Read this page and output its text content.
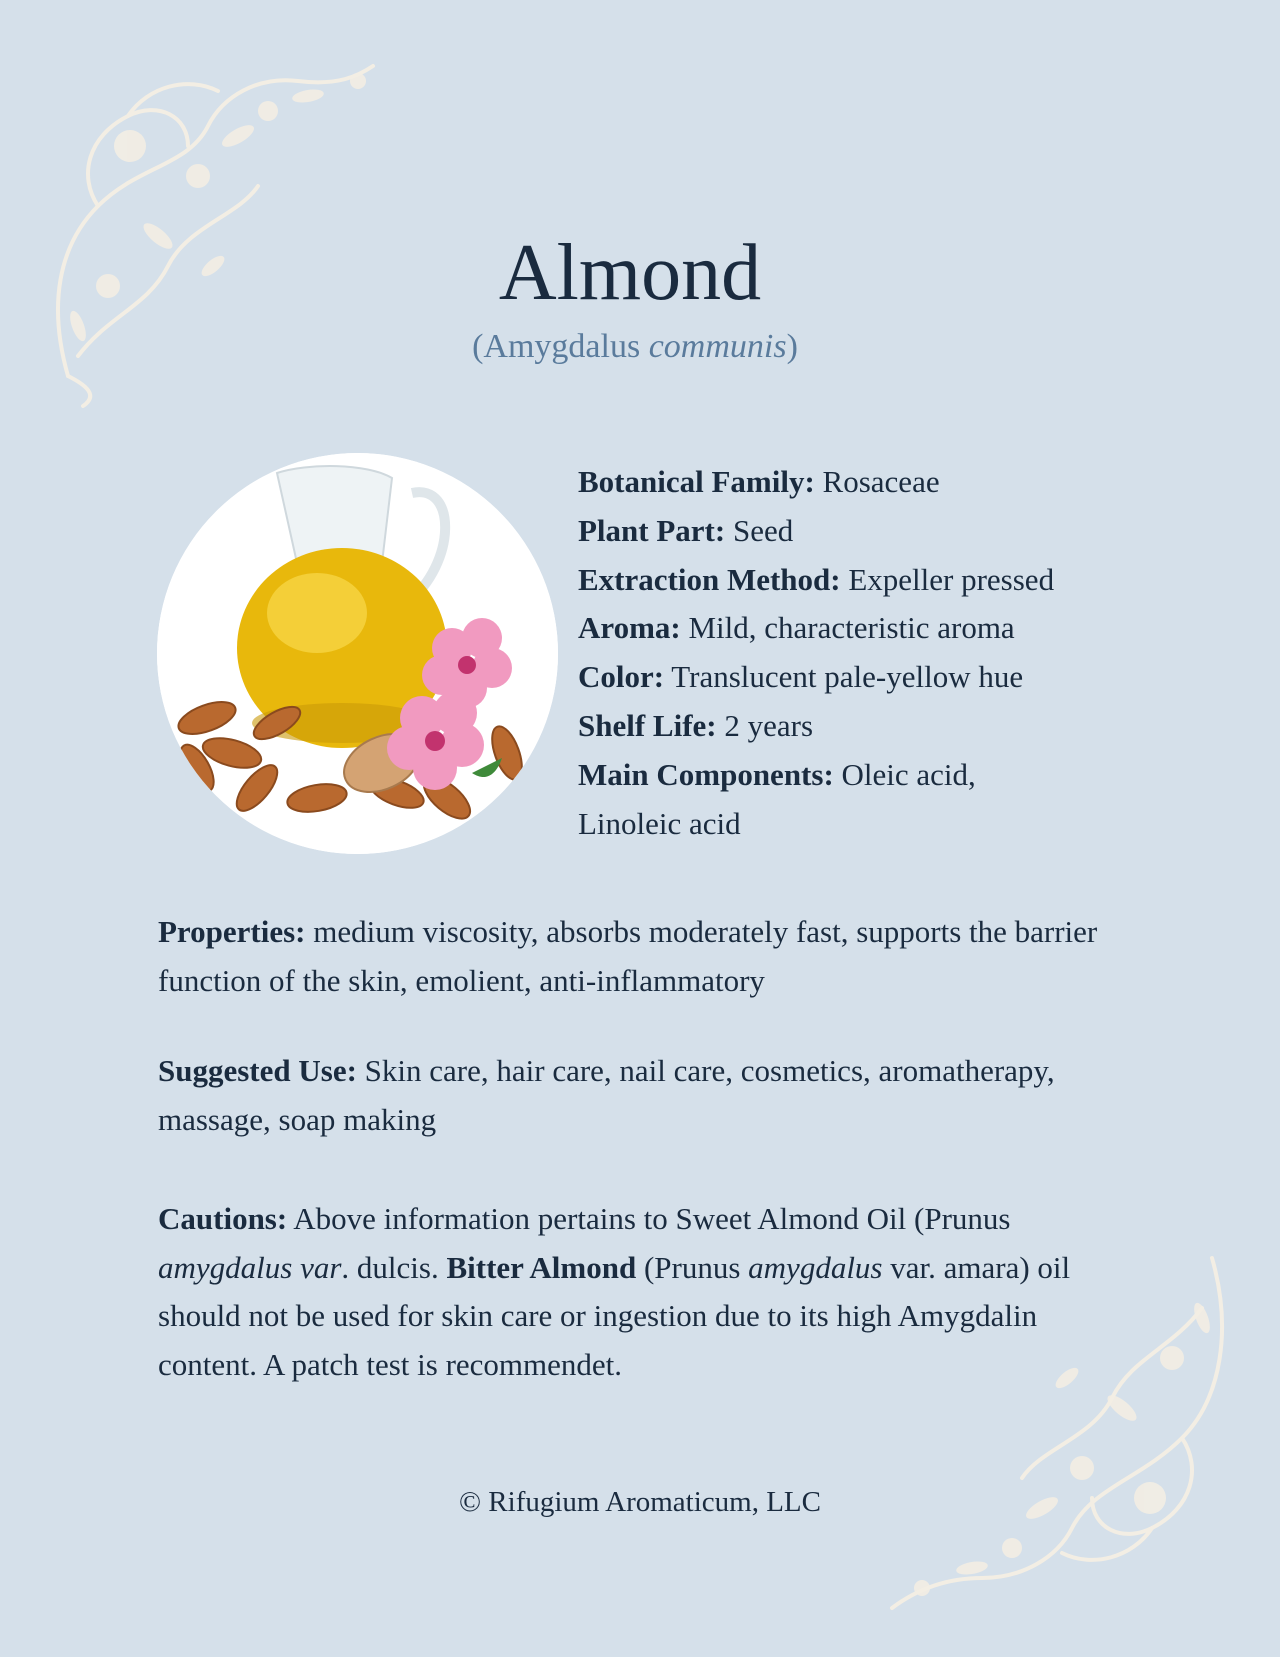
Almond
(Amygdalus communis)

Botanical Family: Rosaceae

Plant Part: Seed

Extraction Method: Expeller pressed

Aroma: Mild, characteristic aroma

Color: Translucent pale-yellow hue

Shelf Life: 2 years

Main Components: Oleic acid,

Linoleic acid

Properties: medium viscosity, absorbs moderately fast, supports the barrier function of the skin, emolient, anti-inflammatory

Suggested Use: Skin care, hair care, nail care, cosmetics, aromatherapy, massage, soap making

Cautions: Above information pertains to Sweet Almond Oil (Prunus amygdalus var. dulcis. Bitter Almond (Prunus amygdalus var. amara) oil should not be used for skin care or ingestion due to its high Amygdalin content. A patch test is recommendet.

© Rifugium Aromaticum, LLC
